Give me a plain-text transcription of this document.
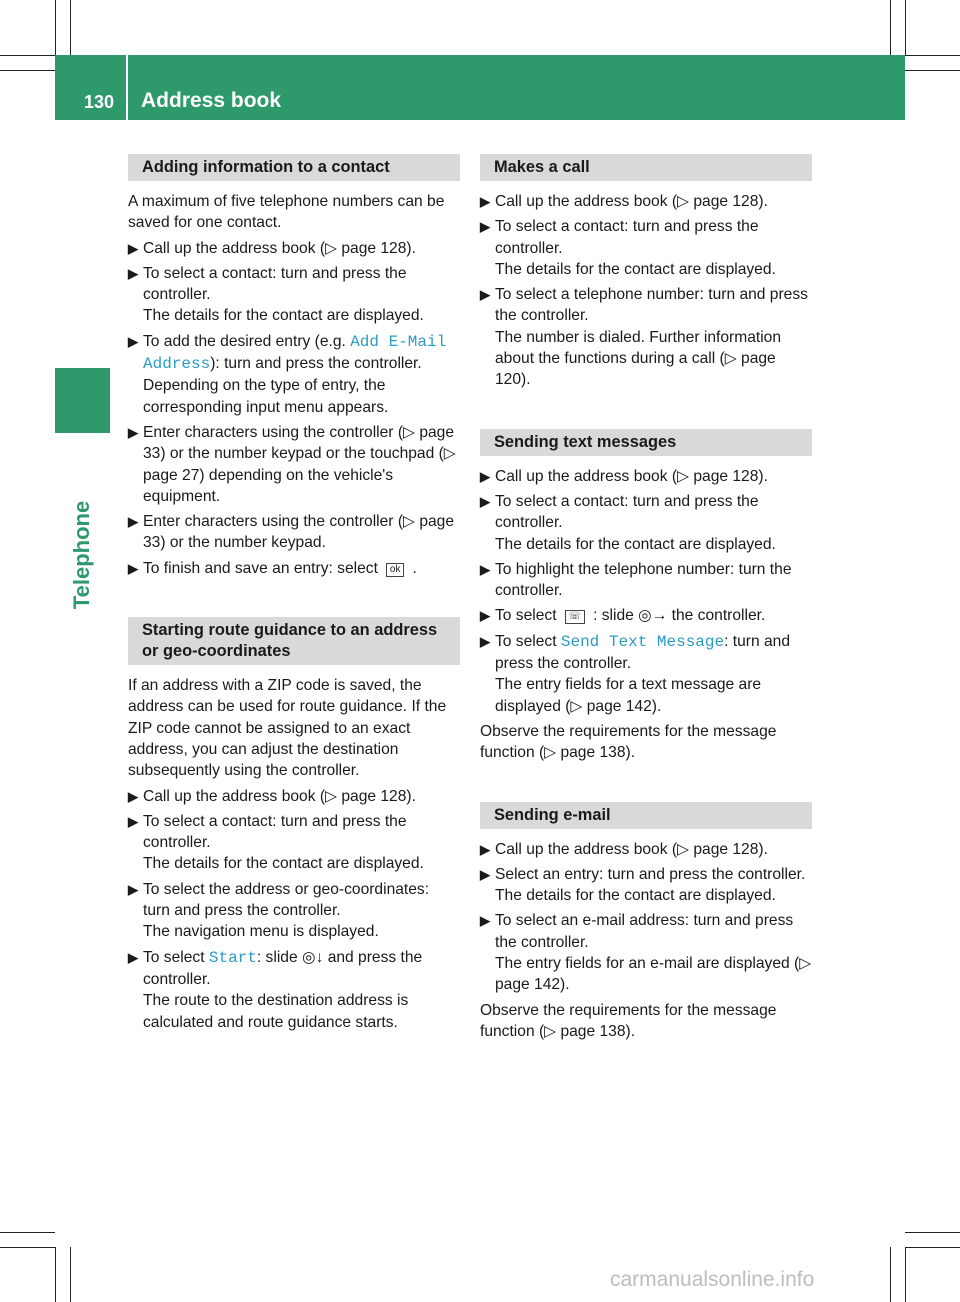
130 Address book
Telephone
Adding information to a contact

A maximum of five telephone numbers can be saved for one contact.

▶ Call up the address book (▷ page 128).
▶ To select a contact: turn and press the controller.
The details for the contact are displayed.
▶ To add the desired entry (e.g. Add E-Mail Address): turn and press the controller.
Depending on the type of entry, the corresponding input menu appears.
▶ Enter characters using the controller (▷ page 33) or the number keypad or the touchpad (▷ page 27) depending on the vehicle's equipment.
▶ Enter characters using the controller (▷ page 33) or the number keypad.
▶ To finish and save an entry: select ok .
Starting route guidance to an address or geo-coordinates

If an address with a ZIP code is saved, the address can be used for route guidance. If the ZIP code cannot be assigned to an exact address, you can adjust the destination subsequently using the controller.

▶ Call up the address book (▷ page 128).
▶ To select a contact: turn and press the controller.
The details for the contact are displayed.
▶ To select the address or geo-coordinates: turn and press the controller.
The navigation menu is displayed.
▶ To select Start: slide ◎↓ and press the controller.
The route to the destination address is calculated and route guidance starts.
Makes a call
▶ Call up the address book (▷ page 128).
▶ To select a contact: turn and press the controller.
The details for the contact are displayed.
▶ To select a telephone number: turn and press the controller.
The number is dialed. Further information about the functions during a call (▷ page 120).
Sending text messages
▶ Call up the address book (▷ page 128).
▶ To select a contact: turn and press the controller.
The details for the contact are displayed.
▶ To highlight the telephone number: turn the controller.
▶ To select ☏ : slide ◎→ the controller.
▶ To select Send Text Message: turn and press the controller.
The entry fields for a text message are displayed (▷ page 142).

Observe the requirements for the message function (▷ page 138).

Sending e-mail
▶ Call up the address book (▷ page 128).
▶ Select an entry: turn and press the controller.
The details for the contact are displayed.
▶ To select an e-mail address: turn and press the controller.
The entry fields for an e-mail are displayed (▷ page 142).

Observe the requirements for the message function (▷ page 138).

carmanualsonline.info
